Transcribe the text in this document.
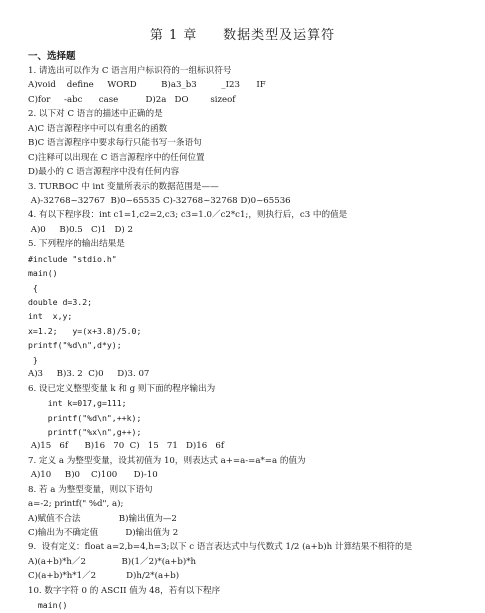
第 1 章     数据类型及运算符
一、选择题
1. 请选出可以作为 C 语言用户标识符的一组标识符号
A)void    define     WORD         B)a3_b3         _I23      IF
C)for     -abc      case          D)2a   DO        sizeof
2. 以下对 C 语言的描述中正确的是
A)C 语言源程序中可以有重名的函数
B)C 语言源程序中要求每行只能书写一条语句
C)注释可以出现在 C 语言源程序中的任何位置
D)最小的 C 语言源程序中没有任何内容
3. TURBOC 中 int 变量所表示的数据范围是——
A)-32768~32767  B)0~65535 C)-32768~32768 D)0~65536
4. 有以下程序段：int c1=1,c2=2,c3; c3=1.0／c2*c1;，则执行后，c3 中的值是
A)0     B)0.5   C)1   D) 2
5. 下列程序的输出结果是
#include "stdio.h"
main()
{
double d=3.2;
int  x,y;
x=1.2;   y=(x+3.8)/5.0;
printf("%d\n",d*y);
}
A)3     B)3. 2  C)0     D)3. 07
6. 设已定义整型变量 k 和 g 则下面的程序输出为
int k=017,g=111;
printf("%d\n",++k);
printf("%x\n",g++);
A)15   6f      B)16   70  C)   15   71   D)16   6f
7. 定义 a 为整型变量，设其初值为 10，则表达式 a+=a-=a*=a 的值为
A)10     B)0    C)100      D)-10
8. 若 a 为整型变量，则以下语句
a=-2; printf(" %d", a);
A)赋值不合法              B)输出值为—2
C)输出为不确定值          D)输出值为 2
9.  设有定义：float a=2,b=4,h=3;以下 c 语言表达式中与代数式 1/2 (a+b)h 计算结果不相符的是
A)(a+b)*h／2             B)(1／2)*(a+b)*h
C)(a+b)*h*1／2           D)h/2*(a+b)
10. 数字字符 0 的 ASCII 值为 48，若有以下程序
main()
